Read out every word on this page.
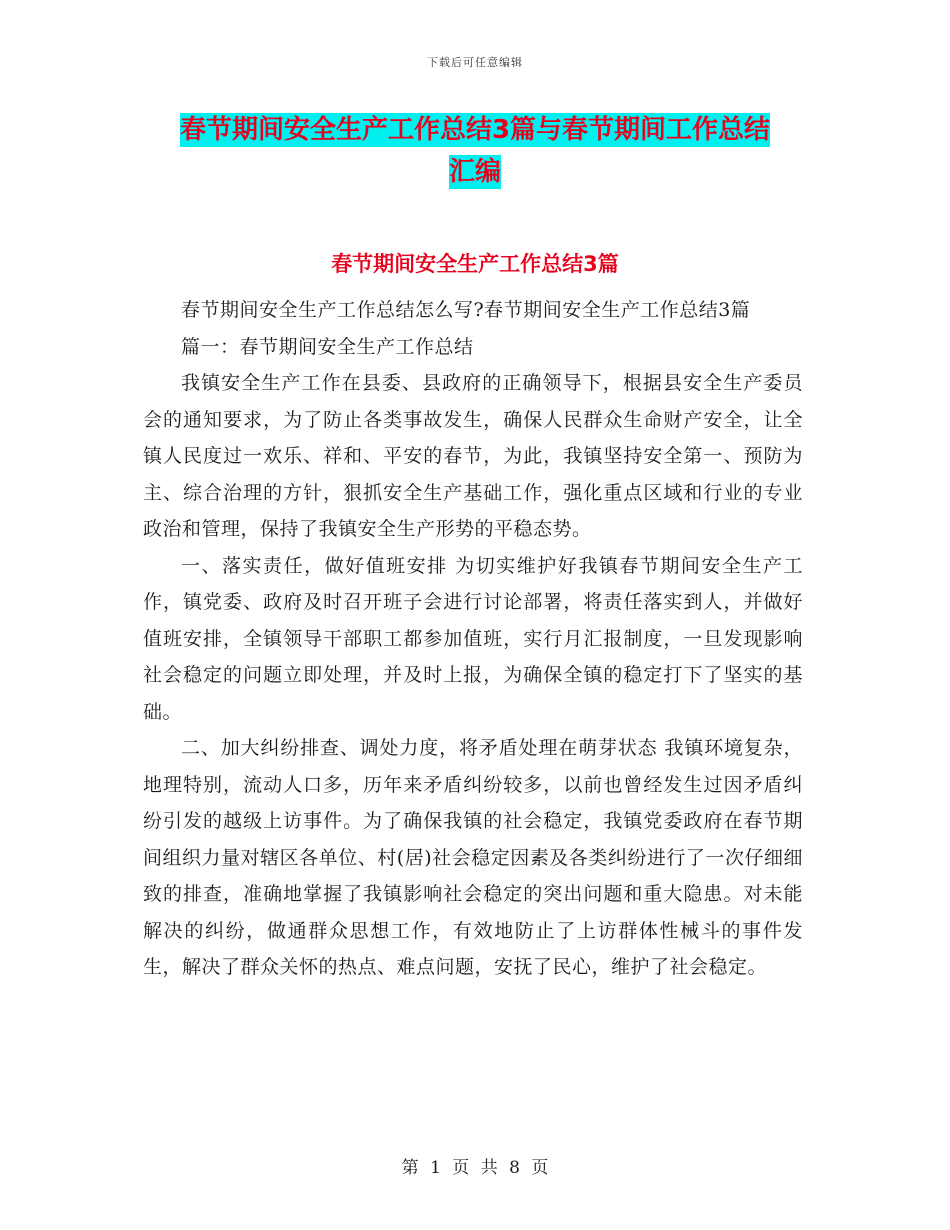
下载后可任意编辑
春节期间安全生产工作总结3篇与春节期间工作总结
汇编
春节期间安全生产工作总结3篇

春节期间安全生产工作总结怎么写?春节期间安全生产工作总结3篇

篇一：春节期间安全生产工作总结

我镇安全生产工作在县委、县政府的正确领导下，根据县安全生产委员会的通知要求，为了防止各类事故发生，确保人民群众生命财产安全，让全镇人民度过一欢乐、祥和、平安的春节，为此，我镇坚持安全第一、预防为主、综合治理的方针，狠抓安全生产基础工作，强化重点区域和行业的专业政治和管理，保持了我镇安全生产形势的平稳态势。

一、落实责任，做好值班安排 为切实维护好我镇春节期间安全生产工作，镇党委、政府及时召开班子会进行讨论部署，将责任落实到人，并做好值班安排，全镇领导干部职工都参加值班，实行月汇报制度，一旦发现影响社会稳定的问题立即处理，并及时上报，为确保全镇的稳定打下了坚实的基础。

二、加大纠纷排查、调处力度，将矛盾处理在萌芽状态 我镇环境复杂，地理特别，流动人口多，历年来矛盾纠纷较多，以前也曾经发生过因矛盾纠纷引发的越级上访事件。为了确保我镇的社会稳定，我镇党委政府在春节期间组织力量对辖区各单位、村(居)社会稳定因素及各类纠纷进行了一次仔细细致的排查，准确地掌握了我镇影响社会稳定的突出问题和重大隐患。对未能解决的纠纷，做通群众思想工作，有效地防止了上访群体性械斗的事件发生，解决了群众关怀的热点、难点问题，安抚了民心，维护了社会稳定。

第 1 页 共 8 页
